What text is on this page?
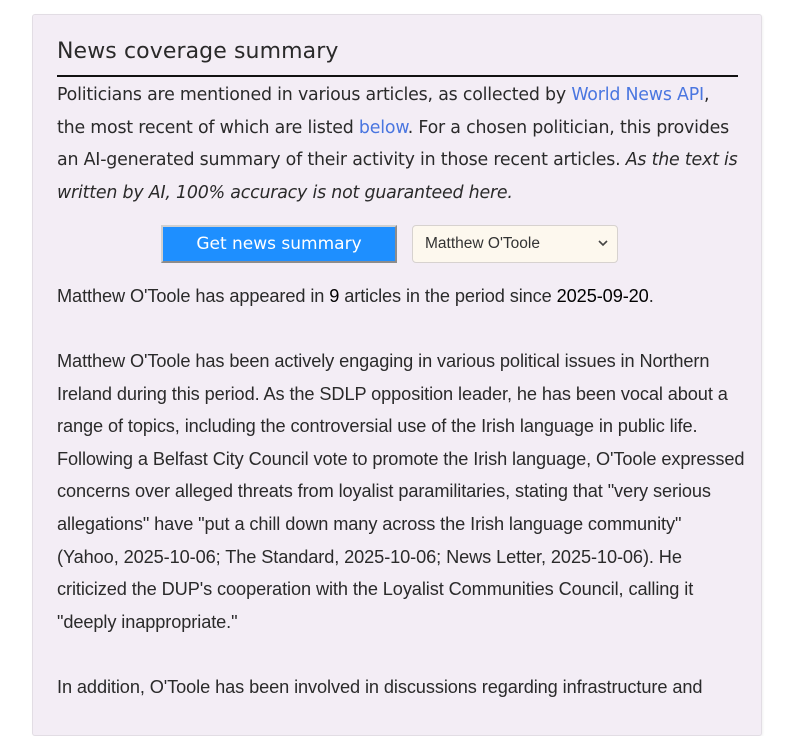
News coverage summary

Politicians are mentioned in various articles, as collected by World News API, the most recent of which are listed below. For a chosen politician, this provides an AI-generated summary of their activity in those recent articles. As the text is written by AI, 100% accuracy is not guaranteed here.

Get news summary	Matthew O'Toole

Matthew O'Toole has appeared in 9 articles in the period since 2025-09-20.

Matthew O'Toole has been actively engaging in various political issues in Northern Ireland during this period. As the SDLP opposition leader, he has been vocal about a range of topics, including the controversial use of the Irish language in public life. Following a Belfast City Council vote to promote the Irish language, O'Toole expressed concerns over alleged threats from loyalist paramilitaries, stating that "very serious allegations" have "put a chill down many across the Irish language community" (Yahoo, 2025-10-06; The Standard, 2025-10-06; News Letter, 2025-10-06). He criticized the DUP's cooperation with the Loyalist Communities Council, calling it "deeply inappropriate."

In addition, O'Toole has been involved in discussions regarding infrastructure and
